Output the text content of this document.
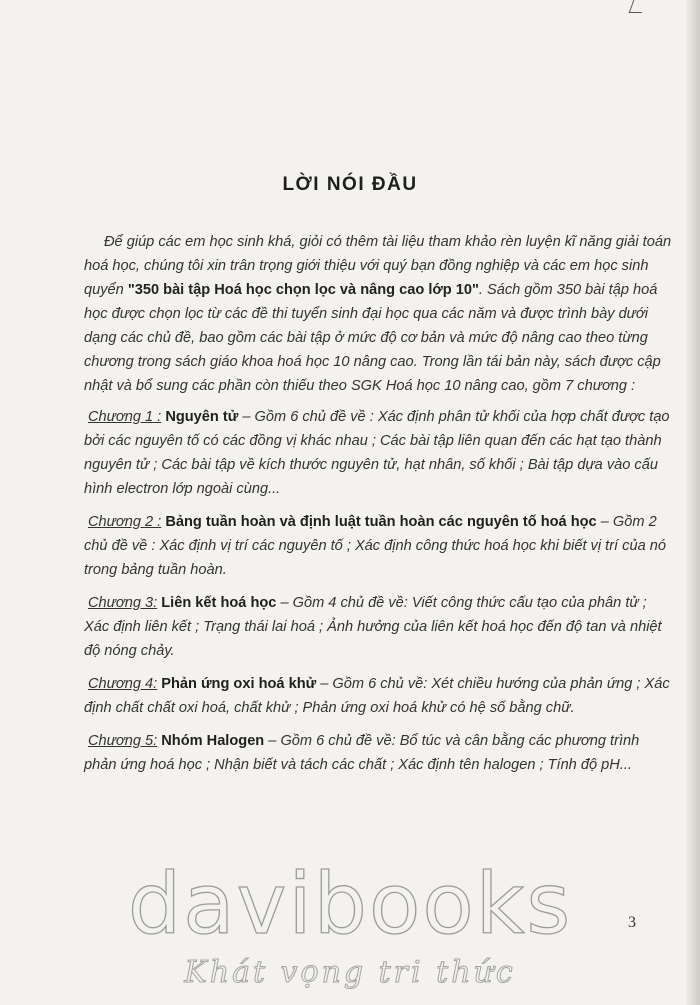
LỜI NÓI ĐẦU

Để giúp các em học sinh khá, giỏi có thêm tài liệu tham khảo rèn luyện kĩ năng giải toán hoá học, chúng tôi xin trân trọng giới thiệu với quý bạn đồng nghiệp và các em học sinh quyển "350 bài tập Hoá học chọn lọc và nâng cao lớp 10". Sách gồm 350 bài tập hoá học được chọn lọc từ các đề thi tuyển sinh đại học qua các năm và được trình bày dưới dạng các chủ đề, bao gồm các bài tập ở mức độ cơ bản và mức độ nâng cao theo từng chương trong sách giáo khoa hoá học 10 nâng cao. Trong lần tái bản này, sách được cập nhật và bổ sung các phần còn thiếu theo SGK Hoá học 10 nâng cao, gồm 7 chương :

Chương 1 : Nguyên tử – Gồm 6 chủ đề về : Xác định phân tử khối của hợp chất được tạo bởi các nguyên tố có các đồng vị khác nhau ; Các bài tập liên quan đến các hạt tạo thành nguyên tử ; Các bài tập về kích thước nguyên tử, hạt nhân, số khối ; Bài tập dựa vào cấu hình electron lớp ngoài cùng...

Chương 2 : Bảng tuần hoàn và định luật tuần hoàn các nguyên tố hoá học – Gồm 2 chủ đề về : Xác định vị trí các nguyên tố ; Xác định công thức hoá học khi biết vị trí của nó trong bảng tuần hoàn.

Chương 3: Liên kết hoá học – Gồm 4 chủ đề về: Viết công thức cấu tạo của phân tử ; Xác định liên kết ; Trạng thái lai hoá ; Ảnh hưởng của liên kết hoá học đến độ tan và nhiệt độ nóng chảy.

Chương 4: Phản ứng oxi hoá khử – Gồm 6 chủ về: Xét chiều hướng của phản ứng ; Xác định chất chất oxi hoá, chất khử ; Phản ứng oxi hoá khử có hệ số bằng chữ.

Chương 5: Nhóm Halogen – Gồm 6 chủ đề về: Bổ túc và cân bằng các phương trình phản ứng hoá học ; Nhận biết và tách các chất ; Xác định tên halogen ; Tính độ pH...

davibooks
Khát vọng tri thức
3
